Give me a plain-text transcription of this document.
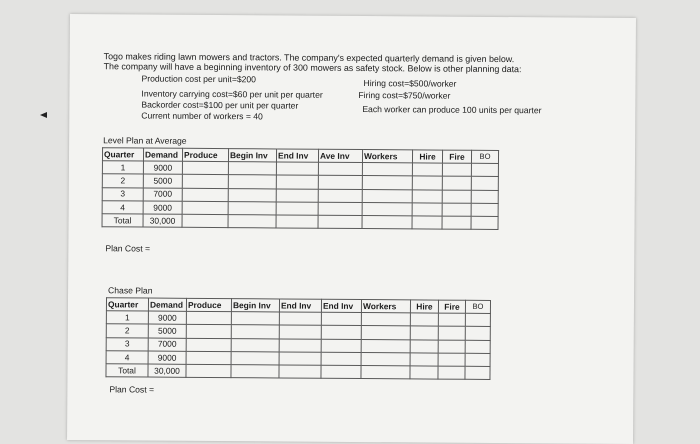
Togo makes riding lawn mowers and tractors. The company's expected quarterly demand is given below.
The company will have a beginning inventory of 300 mowers as safety stock. Below is other planning data:
Production cost per unit=$200	Hiring cost=$500/worker
Inventory carrying cost=$60 per unit per quarter	Firing cost=$750/worker
Backorder cost=$100 per unit per quarter	Each worker can produce 100 units per quarter
Current number of workers = 40
Level Plan at Average
Quarter	Demand	Produce	Begin Inv	End Inv	Ave Inv	Workers	Hire	Fire	BO
1	9000								
2	5000								
3	7000								
4	9000								
Total	30,000								
Plan Cost =
Chase Plan
Quarter	Demand	Produce	Begin Inv	End Inv	End Inv	Workers	Hire	Fire	BO
1	9000								
2	5000								
3	7000								
4	9000								
Total	30,000								
Plan Cost =
